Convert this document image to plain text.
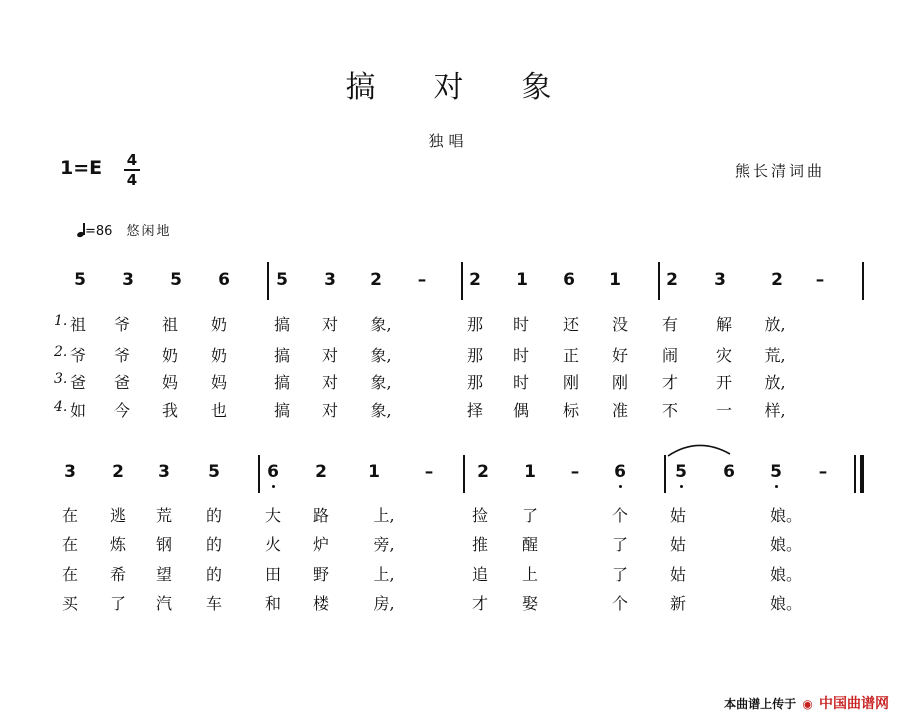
搞对象
独唱
1=E 4
4	熊长清词曲
=86 悠闲地
5 3 5 6	5 3 2 –	2 1 6 1	2 3	2 –
3 2 3 5	6 2 1	–	2 1 – 6	5 6 5 –
1. 祖 爷 祖 奶	搞 对 象,	那 时 还 没 有 解 放,
2. 爷 爷 奶 奶	搞 对 象,	那 时 正 好 闹 灾 荒,
3. 爸 爸 妈 妈	搞 对 象,	那 时 刚 刚 才 开 放,
4. 如 今 我 也	搞 对 象,	择 偶 标 准 不 一 样,
在 逃 荒 的	大 路	上,	捡 了	个	姑	娘。
在 炼 钢 的	火 炉	旁,	推 醒	了	姑	娘。
在 希 望 的	田 野	上,	追 上	了	姑	娘。
买 了 汽 车	和 楼	房,	才 娶	个	新	娘。
本曲谱上传于 ◉ 中国曲谱网
